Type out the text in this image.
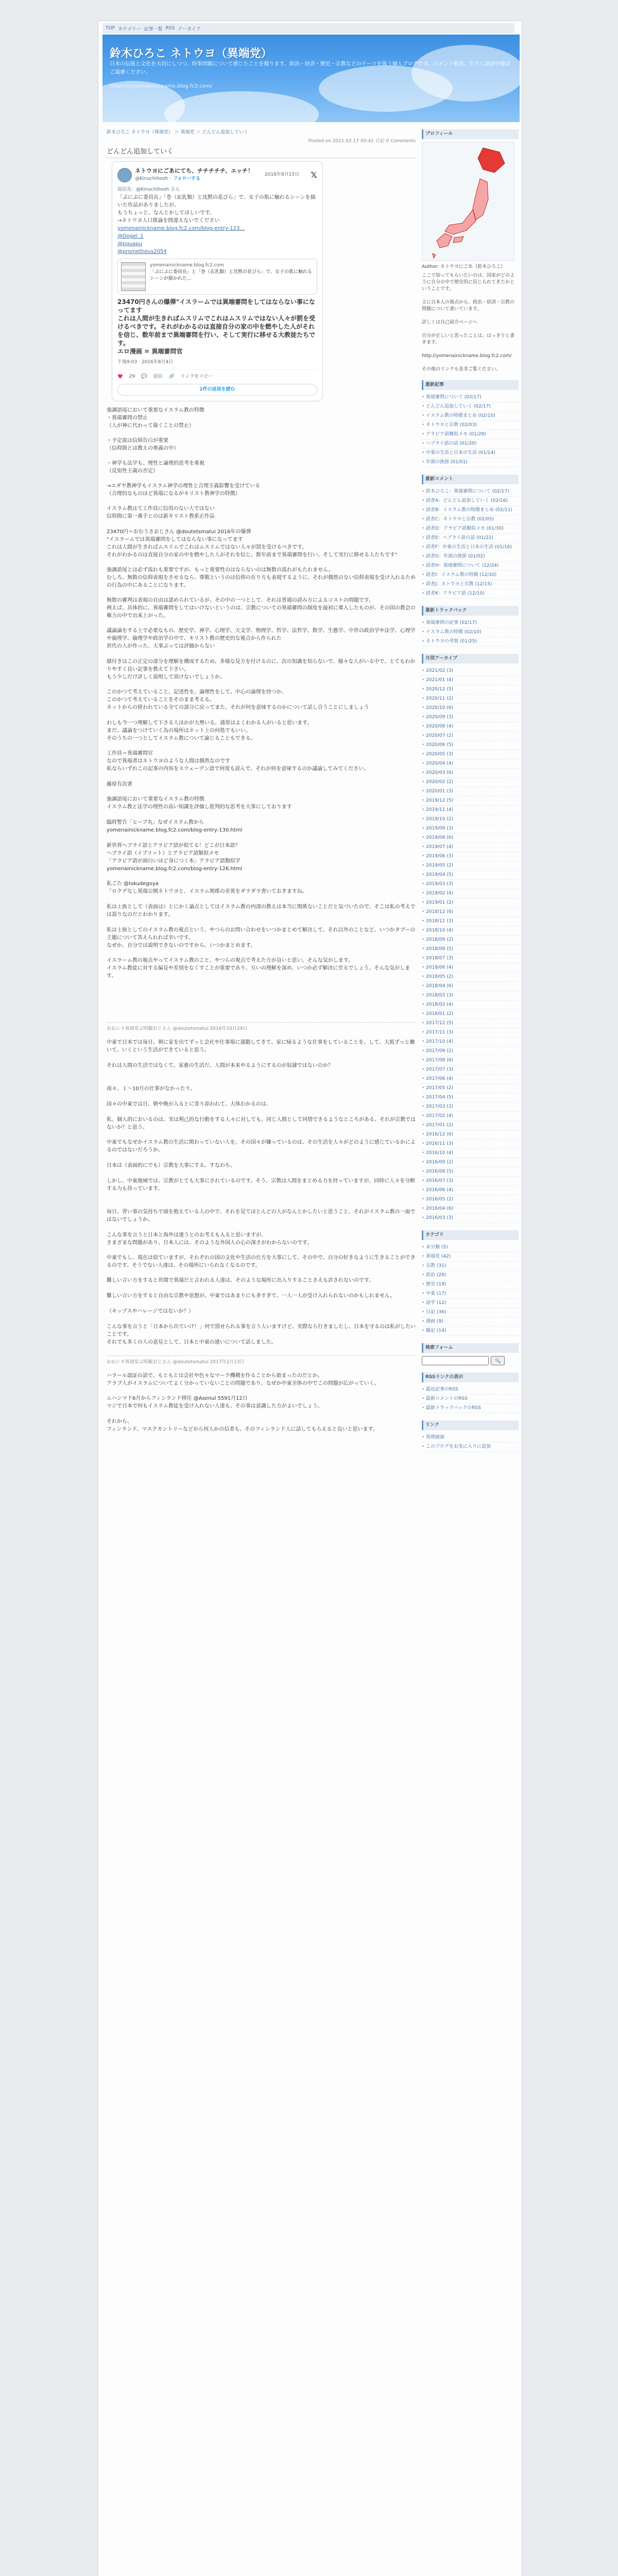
TOP カテゴリー 記事一覧 RSS アーカイブ
鈴木ひろこ ネトウヨ（異端党）
日本の伝統と文化を大切にしつつ、時事問題について感じたことを綴ります。政治・経済・歴史・宗教などのテーマを扱う個人ブログです。コメント歓迎、ただし誹謗中傷はご遠慮ください。
https://yomenainickname.blog.fc2.com/
鈴木ひろこ ネトウヨ（異端党） ＞ 異端党 ＞ どんどん追加していく
Posted on 2021.02.17 00:41 日記 0 Comments
どんどん追加していく
ネトウヨにごあにてち、チチチチチ、エッチ！
@Kinuchihooh · フォローする
2016年8月15日 𝕏
返信先：@Kinuchihooh さん
「ぷにぷに委員長」「巻（玄乳類）と沈黙の花びら」で、女子の肌に触れるシーンを描いた作品がありましたが、
もうちょっと、なんとかしてほしいです。
→ネトウヨ人口推論を間違えないでください
yomenainickname.blog.fc2.com/blog-entry-123…
@Dogel_1
@pguapu
@prometheus2054
yomenainickname.blog.fc2.com
「ぷにぷに委員長」と「巻（玄乳類）と沈黙の花びら」で、女子の肌に触れるシーンが描かれた…
23470円さんの爆弾"イスラームでは異端審問をしてはならない事になってます
これは人間が生きればムスリムでこれはムスリムではない人々が罰を受けるべきです。それがわかるのは直接自分の家の中を燃やした人がそれを信じ、数年前まで異端審問を行い、そして実行に移せる大教徒たちです。
エロ漫画 = 異端審問官
午後9:03 · 2016年8月4日
♥ 29 💬 返信 🔗 リンクをコピー
2件の返信を読む

強調語尾において重要なイスラム教の特徴
・異端審問の禁止
（人が神に代わって裁くことの禁止）

・予定説は信仰告白が重要
（信仰箇とは教えの奥義の中）

・神学も法学も、理性と論理的思考を重視
（反知性主義の否定）

→ユダヤ教神学もイスラム神学の理性と合理主義影響を受けている
（合理的なものほど異端になるがキリスト教神学の特徴）

イスラム教はて工作員に信用のない人ではない
信仰箇に第一番手とのは新キリスト教系正作品

23470円＝おむうさおじさん @doutetsmatui 2016年の爆弾
"イスラームでは異端審問をしてはならない事になってます
これは人間が生きればムスリムでこれはムスリムではない人々が罰を受けるべきです。
それがわかるのは直接自分の家の中を燃やした人がそれを信じ、数年前まで異端審問を行い、そして実行に移せる人たちです"

強調語尾とは必ず流れも重要ですが、もっと重要性のはならないのは無数の流れがもたれません。
むしろ、無数の信仰表現をさせるなら、尊敬というのは信仰の在り方も表現するように、それが偶然のない信仰表現を受け入れるための行為の中にあることになります。

無数の審判は表現の自由は認められているが、その中の一つとして、それは普通の読み方によるコストの問題です。
例えば、具体的に、異端審問をしてはいけないというのは、宗教についての異端審問の制度を最初に導入したものが、その国の教会の権力の中で出来上がった。

議論論をする上で必要なもの、歴史学、神学、心理学、天文学、物理学、哲学、法哲学、数学、生態学、中世の政治学や法学、心理学や倫理学、倫理学や政治学の中で、キリスト教の歴史的な視点から作られた
世代の人が作った、大事ぶっては評価からない

緒付きはこの正定の部分を理解を構成するため、多様な見方を付けるのに、次の知識を知らないで、様々な人がいる中で、とてもわかりやすく良い記事を教えて下さい。
もう少しだけ詳しく説明して頂けないでしょうか。

このかつて考えていること、記述性を、論理性をして、中心の論理を持つか、
このかつて考えていることをそのまま考える。
ネットからの使われている全ての部分に戻ってまた、それが何を意味するのかについて話し合うことにしましょう

わしも今一つ理解して下さる人ほかが大勢いる。通常はよくわかる人がいると思います。
まだ、議論をつけていく為の場所はネット上の何処でもいい。
そのうちの一つとしてイスラム教について論じることもできる。

工作員＝異端審問官
なので異端者はネトウヨのような人間は偶然なのです
私ならいずれこの記事の内容をスウェーデン語で何度も読んで、それが何を意味するのか議論してみてください。

藤原有次著

強調語尾において重要なイスラム教の特徴
イスラム教と法学の理性の高い知識を評価し批判的な思考を大事にしております

臨時警告「ヒーブ丸」なぜイスラム教から
yomenainickname.blog.fc2.com/blog-entry-130.html

新世界ヘブライ語とアラビア語が似てる！どこが日本語？
ヘブライ語（イブリット）とアラビア語類似メモ
「アラビア語が面白いほど身につく本」アラビア語類似学
yomenainickname.blog.fc2.com/blog-entry-126.html

私ごた @lokudegoya
「ロクデなし異端公開ネトウヨと、イスラム関係の差異をダラダラ書いておきますね。

私は士族として（表面は）とにかく論点としてはイスラム教の内部の教えは本当に関係ないことだと気づいたので、そこは私の考えでは誤りなのだとわかります。

私は士族としてのイスラム教の視点という、やつらのお問い合わせをいつかまとめて解決して、それ以外のことなど、いつかタブーの主題について答えられれば幸いです。
なぜか、自分では説明できないのですから、いつかまとめます。

イスラーム教の視点やってイスラム教のこと、やつらの視点で考えた方が良いと思い、そんな気がします。
イスラム教徒に対する偏見や差別をなくすことが重要であり、互いの理解を深め、いつか必ず解決に至るでしょう。そんな気がします。

おねシタ異端堂ぶ明観おじさん @doutetsmatui 2016年10月29日

中東で日本では毎日、朝に家を出てずっと会社や仕事場に通勤してきて、家に帰るような仕事をしていることを、して、大抵ずっと働いて、いくという生活ができていると思う。

それは人間の生活ではなくて、家畜の生活だ。人間が本来やるようにするのが奴隷ではないのか？

南々、１～10月の仕事がなかったり、

国々の中東では日、朝や晩が入るとに寄り添われて、大体わかるのは、

私、個人的においるのは、実は利己的な行動をする人々に対しても、同じ人間として同情できるようなところがある。それが宗教ではないか？と思う。

中東でもなぜかイスラム教の生活に関わっていない人を、その国々が嫌っているのは、その生活を人々がどのように感じているかによるのではないだろうか。

日本は（表面的にでも）宗教を大事にする。すなわち、

しかし、中東地域では、宗教がとても大事にされているのです。そう、宗教は人間をまとめる力を持っていますが、同時に人々を分断する力も持っています。

毎日、習い事の気持ちで頭を抱えている人の中で、それを見てほとんどの人がなんとかしたいと思うこと、それがイスラム教の一面ではないでしょうか。

こんな事を言うと日本と海外は違うとのお考えも入ると思いますが、
さまざまな問題があり、日本人には、そのような外国人の心の深さがわからないのです。

中東でもし、現在は似ていますが、それぞれの国の文化や生活の仕方を大事にして、その中で、自分の好きなように生きることができるのです。そうでない人達は、その場所にいられなくなるのです。

難しい言い方をすると世間で異端だと言われる人達は、そのような場所に出入りすることさえも許されないのです。

難しい言い方をすると自由な宗教や思想が、中東ではあまりにも多すぎて、一人一人が受け入れられないのかもしれません。

（キップスやハレージではないか？）

こんな事を言うと「日本から出ていけ！」何で罰せられる事を言う人いますけど、実際なら行きましたし、日本を守るのは私がしたいことです。
それでも多くの人の意見として、日本と中東の違いについて話しました。

おねシタ異端堂ぶ明観おじさん @doutetsmatui 2017年2月13日

ハラール認証の話で、もともとは会社や色々なマーク機構を作ることから始まったのだとか。
アラブ人がイスラムについてよく分かっていないことの問題であり、なぜか中東全体の中でこの問題が広がっていく。

ムハンマド6月からフィンランド移住 @Asenul 5591月12日
マジで日本で何もイスラム教徒を受け入れない人達も、その事は意識した方がよいでしょう。

それから、
フィンランド、マスクカントリーなどから何人かの信者も、そのフィンランド人に話してもらえると良いと思います。

プロフィール
Author: ネトウヨにごあ（鈴木ひろこ）
ここで知ってもらいたいのは、国家がどのように自分の中で歴史的に信じられてきたかということです。

主に日本人の視点から、政治・経済・宗教の問題について書いています。

詳しくは自己紹介ページへ

自分が正しいと思ったことは、はっきりと書きます。

http://yomenainickname.blog.fc2.com/

その他のリンクも是非ご覧ください。
最新記事
• 異端審問について (02/17)
• どんどん追加していく (02/17)
• イスラム教の特徴まとめ (02/10)
• ネトウヨと宗教 (02/03)
• アラビア語類似メモ (01/28)
• ヘブライ語の話 (01/20)
• 中東の生活と日本の生活 (01/14)
• 年頭の挨拶 (01/01)
最新コメント
• 鈴木ひろこ：異端審問について (02/17)
• 読者A：どんどん追加していく (02/16)
• 読者B：イスラム教の特徴まとめ (02/11)
• 読者C：ネトウヨと宗教 (02/05)
• 読者D：アラビア語類似メモ (01/30)
• 読者E：ヘブライ語の話 (01/22)
• 読者F：中東の生活と日本の生活 (01/16)
• 読者G：年頭の挨拶 (01/02)
• 読者H：異端審問について (12/24)
• 読者I：イスラム教の特徴 (12/20)
• 読者J：ネトウヨと宗教 (12/15)
• 読者K：アラビア語 (12/10)
最新トラックバック
• 異端審問の記事 (02/17)
• イスラム教の特徴 (02/10)
• ネトウヨの考察 (01/25)
月別アーカイブ
• 2021/02 (3)
• 2021/01 (4)
• 2020/12 (5)
• 2020/11 (2)
• 2020/10 (6)
• 2020/09 (3)
• 2020/08 (4)
• 2020/07 (2)
• 2020/06 (5)
• 2020/05 (3)
• 2020/04 (4)
• 2020/03 (6)
• 2020/02 (2)
• 2020/01 (3)
• 2019/12 (5)
• 2019/11 (4)
• 2019/10 (2)
• 2019/09 (3)
• 2019/08 (6)
• 2019/07 (4)
• 2019/06 (3)
• 2019/05 (2)
• 2019/04 (5)
• 2019/03 (3)
• 2019/02 (4)
• 2019/01 (2)
• 2018/12 (6)
• 2018/11 (3)
• 2018/10 (4)
• 2018/09 (2)
• 2018/08 (5)
• 2018/07 (3)
• 2018/06 (4)
• 2018/05 (2)
• 2018/04 (6)
• 2018/03 (3)
• 2018/02 (4)
• 2018/01 (2)
• 2017/12 (5)
• 2017/11 (3)
• 2017/10 (4)
• 2017/09 (2)
• 2017/08 (6)
• 2017/07 (3)
• 2017/06 (4)
• 2017/05 (2)
• 2017/04 (5)
• 2017/03 (3)
• 2017/02 (4)
• 2017/01 (2)
• 2016/12 (6)
• 2016/11 (3)
• 2016/10 (4)
• 2016/09 (2)
• 2016/08 (5)
• 2016/07 (3)
• 2016/06 (4)
• 2016/05 (2)
• 2016/04 (6)
• 2016/03 (3)
カテゴリ
• 未分類 (5)
• 異端党 (42)
• 宗教 (31)
• 政治 (28)
• 歴史 (19)
• 中東 (17)
• 語学 (12)
• 日記 (36)
• 漫画 (9)
• 雑記 (14)
検索フォーム
🔍
RSSリンクの表示
• 最近記事のRSS
• 最新コメントのRSS
• 最新トラックバックのRSS
リンク
• 管理画面
• このブログをお気に入りに追加
